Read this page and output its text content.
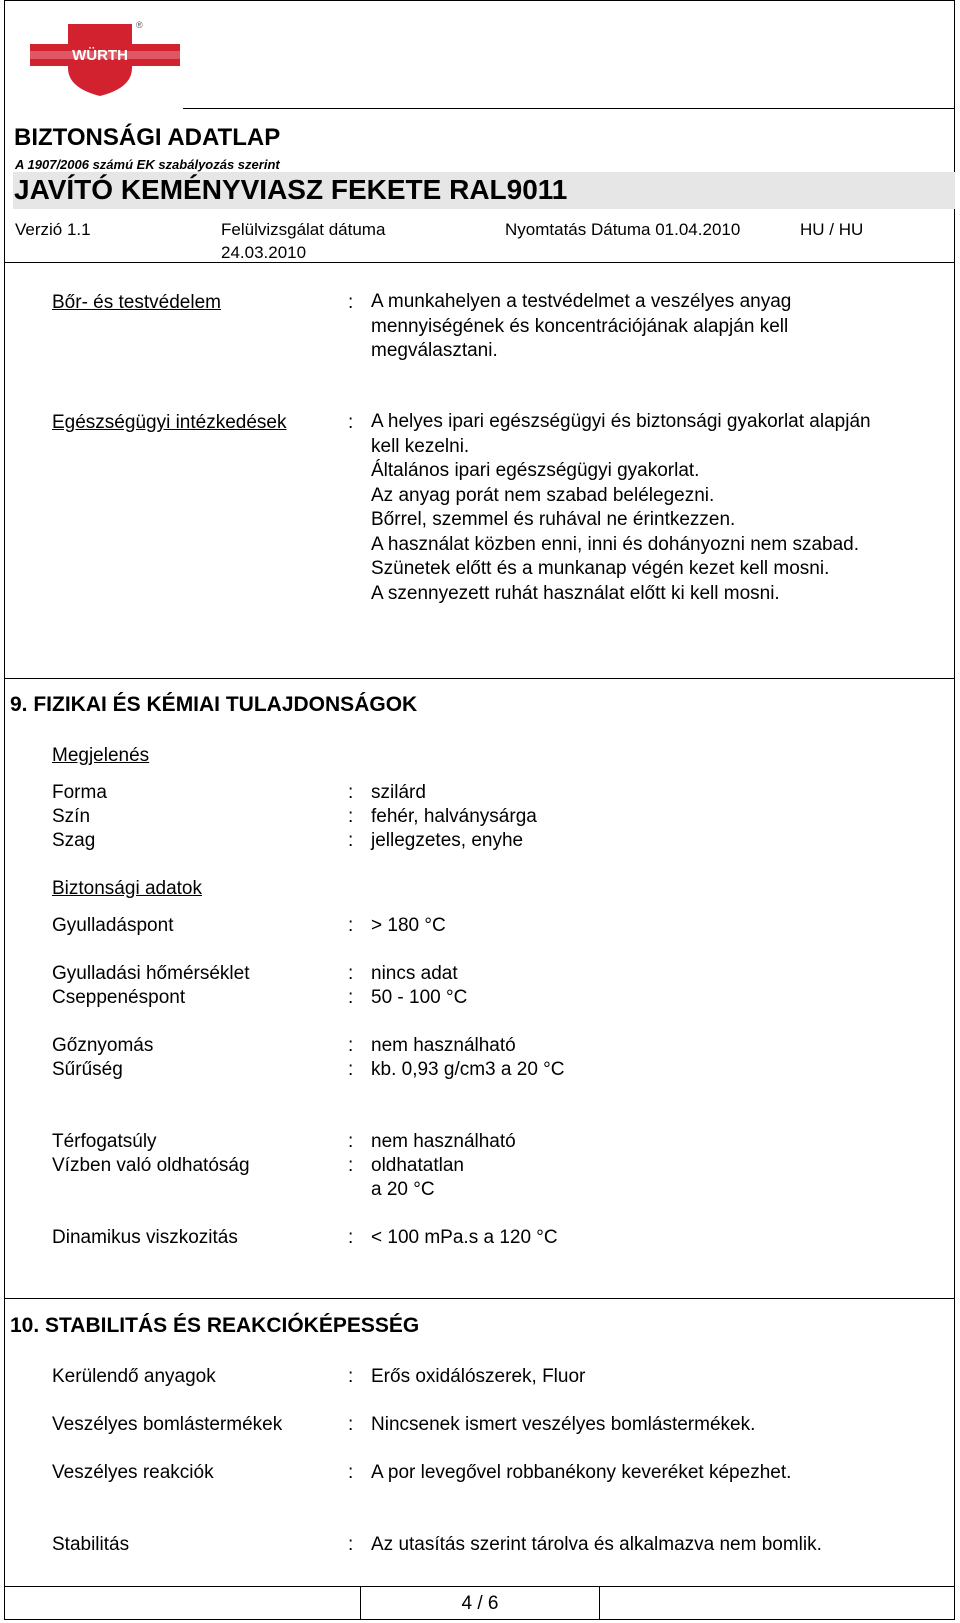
WÜRTH
®
BIZTONSÁGI ADATLAP
A 1907/2006 számú EK szabályozás szerint
JAVÍTÓ KEMÉNYVIASZ FEKETE RAL9011
Verzió 1.1	Felülvizsgálat dátuma
24.03.2010
Nyomtatás Dátuma 01.04.2010	HU / HU
Bőr- és testvédelem	: A munkahelyen a testvédelmet a veszélyes anyag
mennyiségének és koncentrációjának alapján kell
megválasztani.
Egészségügyi intézkedések	: A helyes ipari egészségügyi és biztonsági gyakorlat alapján
kell kezelni.
Általános ipari egészségügyi gyakorlat.
Az anyag porát nem szabad belélegezni.
Bőrrel, szemmel és ruhával ne érintkezzen.
A használat közben enni, inni és dohányozni nem szabad.
Szünetek előtt és a munkanap végén kezet kell mosni.
A szennyezett ruhát használat előtt ki kell mosni.
9. FIZIKAI ÉS KÉMIAI TULAJDONSÁGOK
Megjelenés
Forma	: szilárd
Szín	: fehér, halványsárga
Szag	: jellegzetes, enyhe
Biztonsági adatok
Gyulladáspont	: > 180 °C
Gyulladási hőmérséklet	: nincs adat
Cseppenéspont	: 50 - 100 °C
Gőznyomás	: nem használható
Sűrűség	: kb. 0,93 g/cm3 a 20 °C
Térfogatsúly	: nem használható
Vízben való oldhatóság	: oldhatatlan
a 20 °C
Dinamikus viszkozitás	: < 100 mPa.s a 120 °C
10. STABILITÁS ÉS REAKCIÓKÉPESSÉG
Kerülendő anyagok	: Erős oxidálószerek, Fluor
Veszélyes bomlástermékek	: Nincsenek ismert veszélyes bomlástermékek.
Veszélyes reakciók	: A por levegővel robbanékony keveréket képezhet.
Stabilitás	: Az utasítás szerint tárolva és alkalmazva nem bomlik.
4 / 6
